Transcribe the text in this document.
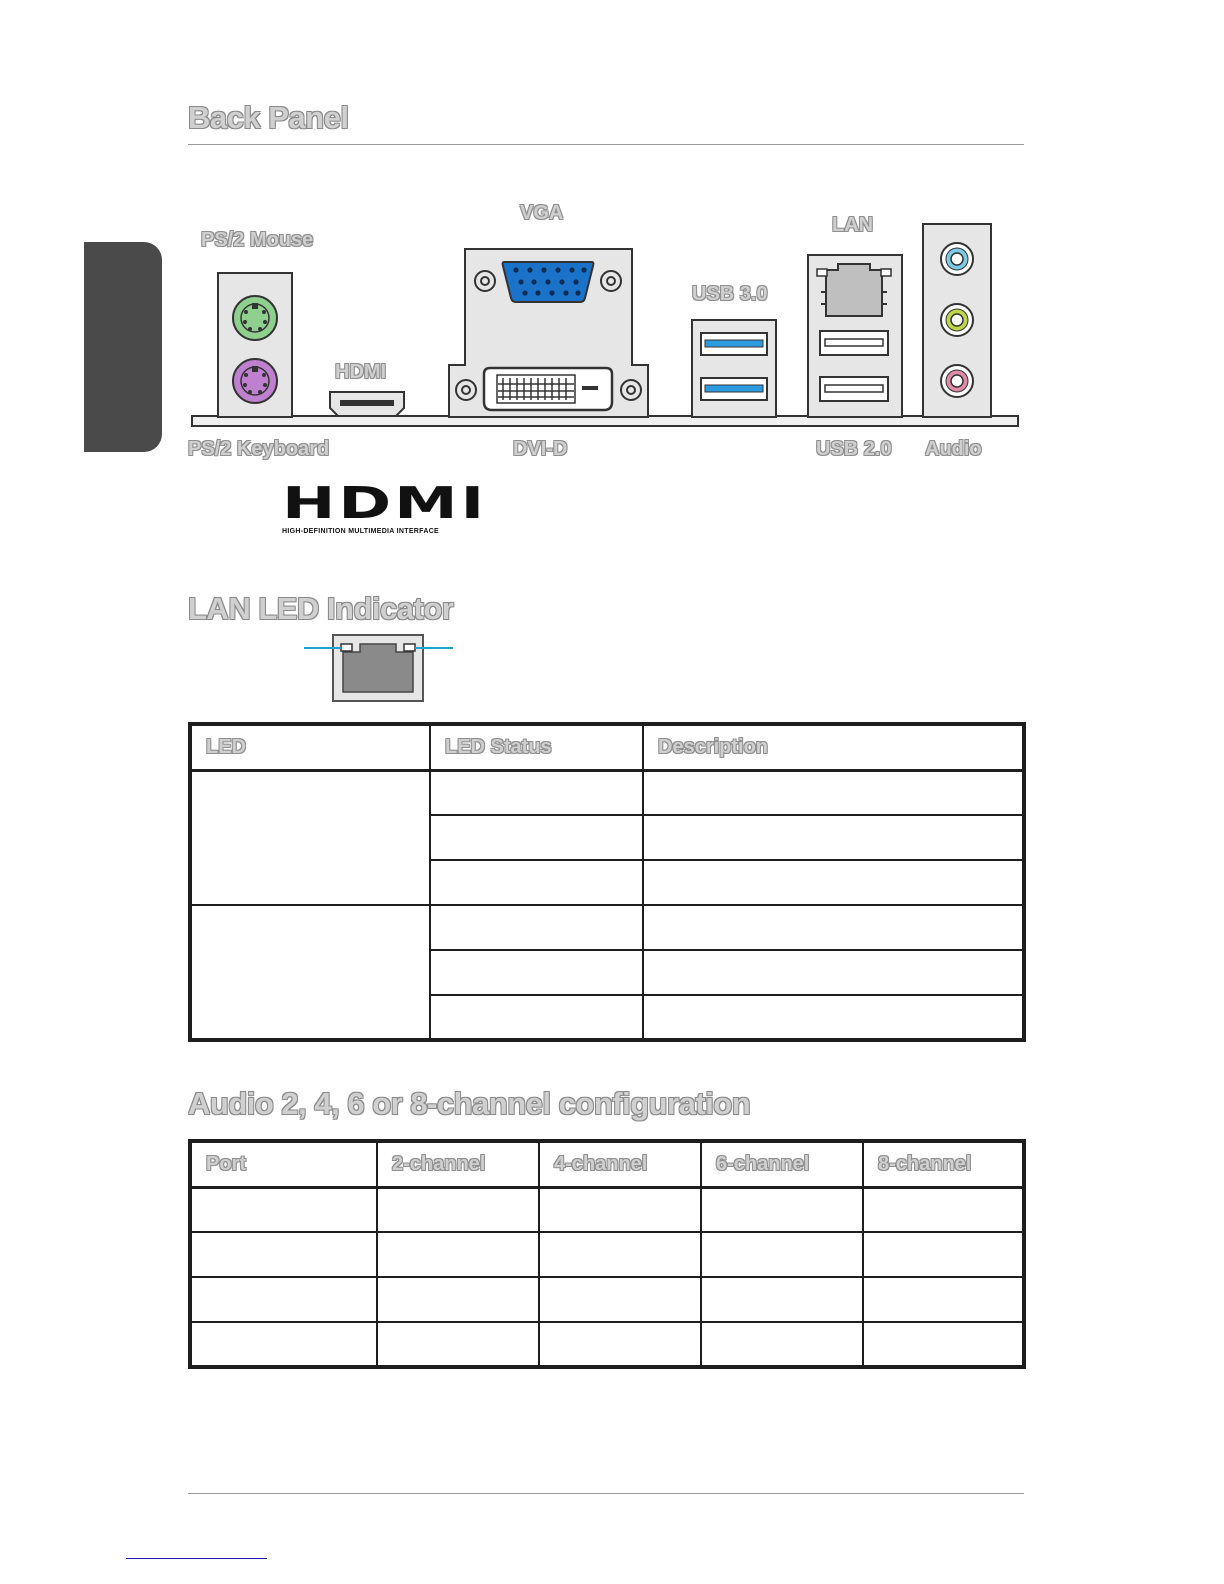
Back Panel
PS/2 Mouse
VGA
LAN
USB 3.0
HDMI
PS/2 Keyboard	DVI-D	USB 2.0 Audio
HDMI
HIGH-DEFINITION MULTIMEDIA INTERFACE
LAN LED Indicator
LED	LED Status	Description

Audio 2, 4, 6 or 8-channel configuration
Port	2-channel	4-channel	6-channel	8-channel
